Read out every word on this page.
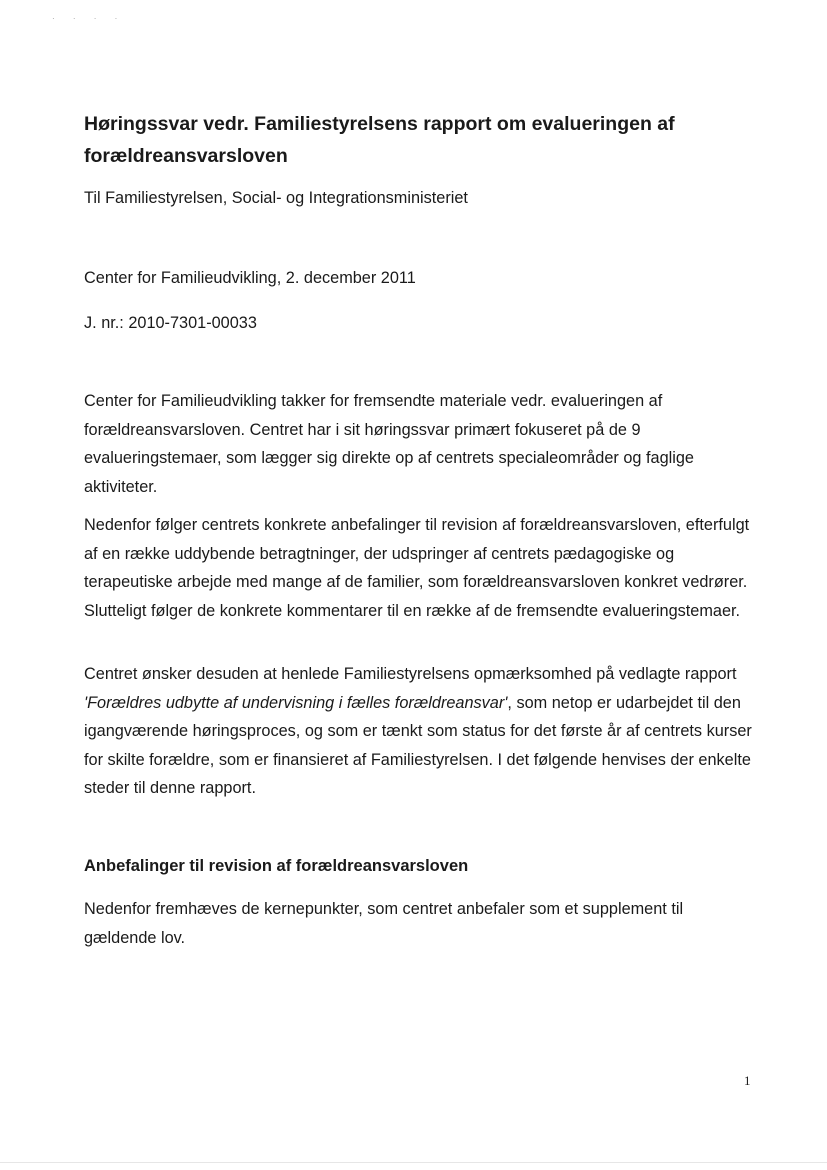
· · · ·
Høringssvar vedr. Familiestyrelsens rapport om evalueringen af forældreansvarsloven

Til Familiestyrelsen, Social- og Integrationsministeriet

Center for Familieudvikling, 2. december 2011

J. nr.: 2010-7301-00033

Center for Familieudvikling takker for fremsendte materiale vedr. evalueringen af forældreansvarsloven. Centret har i sit høringssvar primært fokuseret på de 9 evalueringstemaer, som lægger sig direkte op af centrets specialeområder og faglige aktiviteter.

Nedenfor følger centrets konkrete anbefalinger til revision af forældreansvarsloven, efterfulgt af en række uddybende betragtninger, der udspringer af centrets pædagogiske og terapeutiske arbejde med mange af de familier, som forældreansvarsloven konkret vedrører. Slutteligt følger de konkrete kommentarer til en række af de fremsendte evalueringstemaer.

Centret ønsker desuden at henlede Familiestyrelsens opmærksomhed på vedlagte rapport 'Forældres udbytte af undervisning i fælles forældreansvar', som netop er udarbejdet til den igangværende høringsproces, og som er tænkt som status for det første år af centrets kurser for skilte forældre, som er finansieret af Familiestyrelsen. I det følgende henvises der enkelte steder til denne rapport.

Anbefalinger til revision af forældreansvarsloven

Nedenfor fremhæves de kernepunkter, som centret anbefaler som et supplement til gældende lov.

1
